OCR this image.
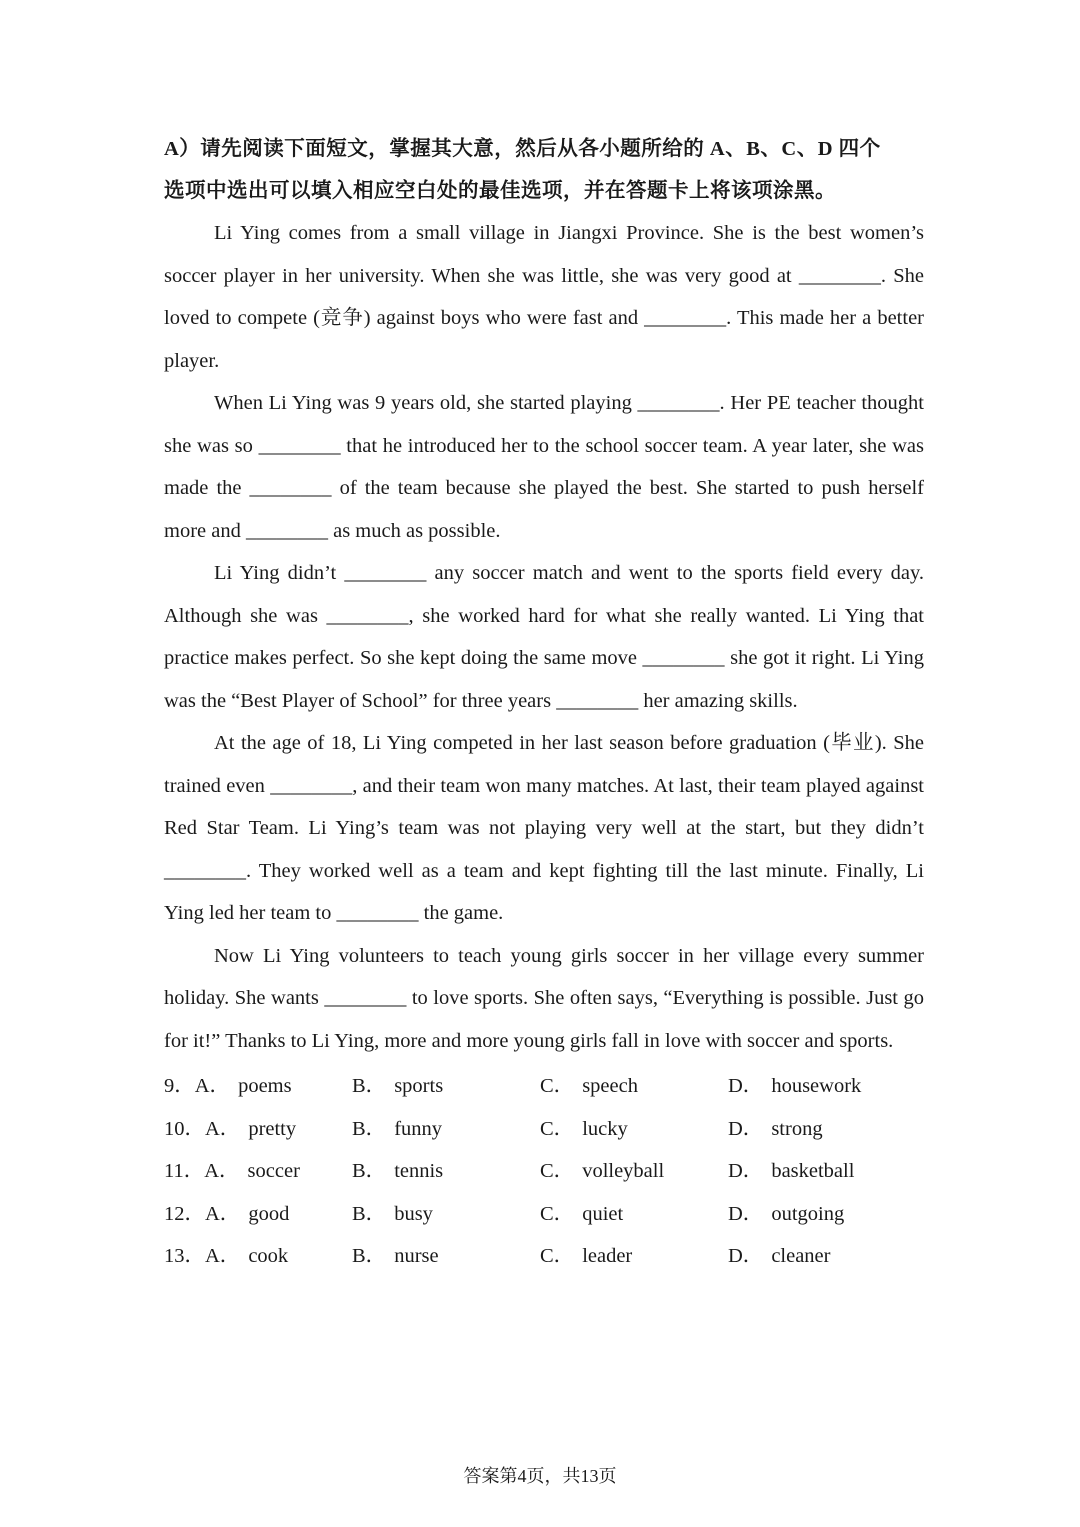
A）请先阅读下面短文，掌握其大意，然后从各小题所给的 A、B、C、D 四个

选项中选出可以填入相应空白处的最佳选项，并在答题卡上将该项涂黑。

Li Ying comes from a small village in Jiangxi Province. She is the best women’s soccer player in her university. When she was little, she was very good at ________. She loved to compete (竞争) against boys who were fast and ________. This made her a better player.

When Li Ying was 9 years old, she started playing ________. Her PE teacher thought she was so ________ that he introduced her to the school soccer team. A year later, she was made the ________ of the team because she played the best. She started to push herself more and ________ as much as possible.

Li Ying didn’t ________ any soccer match and went to the sports field every day. Although she was ________, she worked hard for what she really wanted. Li Ying that practice makes perfect. So she kept doing the same move ________ she got it right. Li Ying was the “Best Player of School” for three years ________ her amazing skills.

At the age of 18, Li Ying competed in her last season before graduation (毕业). She trained even ________, and their team won many matches. At last, their team played against Red Star Team. Li Ying’s team was not playing very well at the start, but they didn’t ________. They worked well as a team and kept fighting till the last minute. Finally, Li Ying led her team to ________ the game.

Now Li Ying volunteers to teach young girls soccer in her village every summer holiday. She wants ________ to love sports. She often says, “Everything is possible. Just go for it!” Thanks to Li Ying, more and more young girls fall in love with soccer and sports.

9．A． poems	B． sports	C． speech	D． housework
10．A． pretty	B． funny	C． lucky	D． strong
11．A． soccer	B． tennis	C． volleyball	D． basketball
12．A． good	B． busy	C． quiet	D． outgoing
13．A． cook	B． nurse	C． leader	D． cleaner
答案第4页，共13页
